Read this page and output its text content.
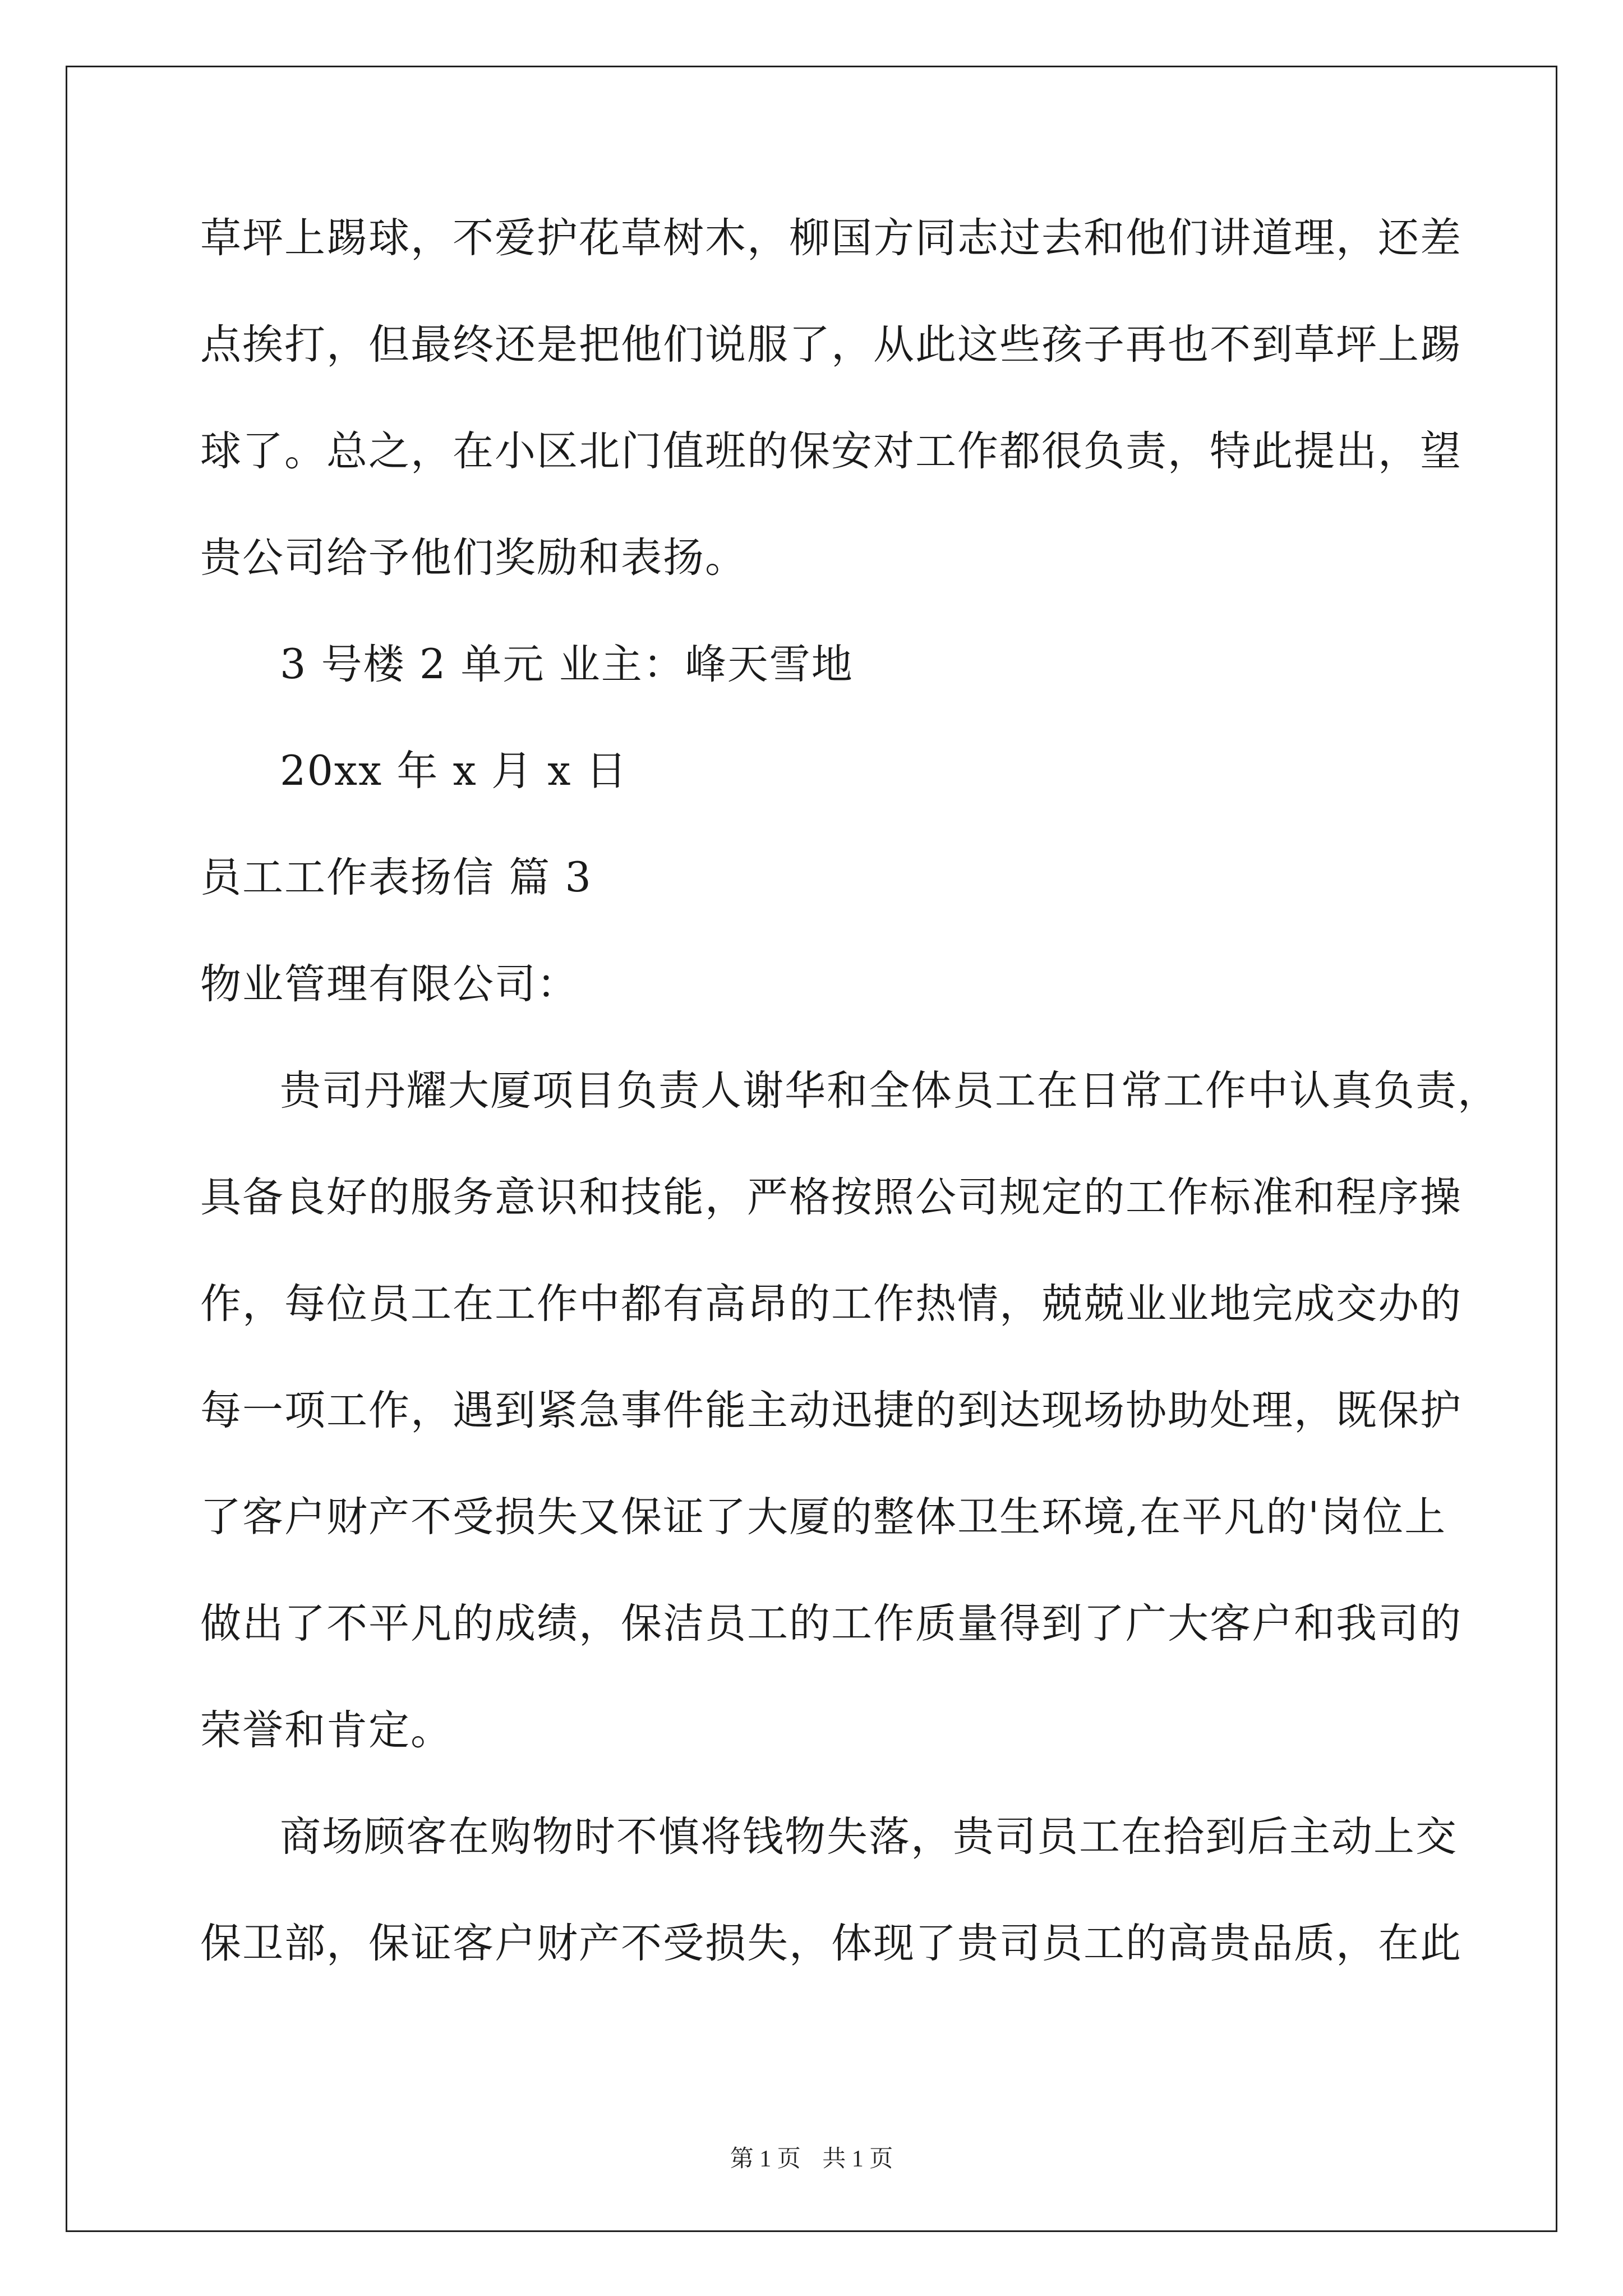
草坪上踢球，不爱护花草树木，柳国方同志过去和他们讲道理，还差
点挨打，但最终还是把他们说服了，从此这些孩子再也不到草坪上踢
球了。总之，在小区北门值班的保安对工作都很负责，特此提出，望
贵公司给予他们奖励和表扬。
3 号楼 2 单元 业主：峰天雪地
20xx 年 x 月 x 日
员工工作表扬信 篇 3
物业管理有限公司：
贵司丹耀大厦项目负责人谢华和全体员工在日常工作中认真负责，
具备良好的服务意识和技能，严格按照公司规定的工作标准和程序操
作，每位员工在工作中都有高昂的工作热情，兢兢业业地完成交办的
每一项工作，遇到紧急事件能主动迅捷的到达现场协助处理，既保护
了客户财产不受损失又保证了大厦的整体卫生环境,在平凡的'岗位上
做出了不平凡的成绩，保洁员工的工作质量得到了广大客户和我司的
荣誉和肯定。
商场顾客在购物时不慎将钱物失落，贵司员工在拾到后主动上交
保卫部，保证客户财产不受损失，体现了贵司员工的高贵品质，在此
第 1 页 共 1 页
